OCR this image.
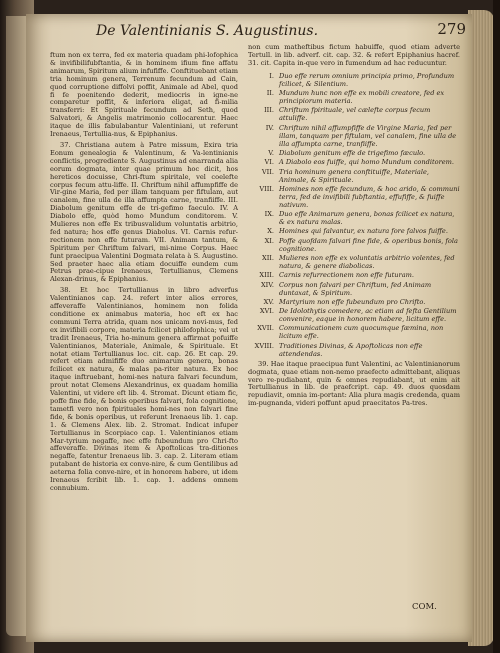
De Valentinianis S. Augustinus.	279

ftum non ex terra, fed ex materia quadam phi-lofophica & invifibilifubftantia, & in hominem ifium fine affatu animarum, Spiritum alium infufiffe. Conftituebant etiam tria hominum genera, Terrenum fecundum ad Cain, quod corruptione diffolvi poffit, Animale ad Abel, quod fi fe poenitendo dederit, mediocris in igne-ne comparetur poffit, & inferiora eligat, ad fi-milia transferri: Et Spirituale fecundum ad Seth, quod Salvatori, & Angelis matrimonio collocarentur. Haec itaque de illis fabulabantur Valentiniani, ut referunt Irenaeus, Tertullia-nus, & Epiphanius.

37. Christiana autem à Patre missum, Exira tria Eonum genealogia & Valentinum, & Va-lentinianis conflictis, progrediente S. Augustinus ad enarranda alia eorum dogmata, inter quae primum hoc dicit, hos hereticos docuisse, Chri-ftum spiritale, vel coelefte corpus fecum attu-liffe. II. Chriftum nihil affumpfiffe de Vir-gine Maria, fed per illam tanquam per fiftulam, aut canalem, fine ulla de illa affumpta carne, tranfiiffe. III. Diabolum genitum effe de tri-gefimo faeculo. IV. A Diabolo effe, quòd homo Mundum conditorem. V. Mulieres non effe Ex tribusvalidum voluntatis arbitrio, fed natura; hos effe genus Diabolus. VI. Carnis refur-rectionem non effe futuram. VII. Animam tantum, & Spiritum per Chriftum falvari, mi-nime Corpus. Haec funt praecipua Valentini Dogmata relata à S. Augustino. Sed praeter haec alia etiam docuiffe eundem cum Petrus prae-cipue Irenaeus, Tertullianus, Clemens Alexan-drinus, & Epiphanius.

38. Et hoc Tertullianus in libro adverfus Valentinianos cap. 24. refert inter alios errores, affeveraffe Valentinianos, hominem non folida conditione ex animabus materia, hoc eft ex hac communi Terra atrida, quam nos unicam novi-mus, fed ex invifibili corpore, materia fcilicet philofophica; vel ut tradit Irenaeus, Tria ho-minum genera affirmat pofuiffe Valentinianos, Materiale, Animale, & Spirituale. Et notat etiam Tertullianus loc. cit. cap. 26. Et cap. 29. refert etiam admififfe duo animarum genera, bonas fcilicet ex natura, & malas pa-riter natura. Ex hoc itaque inftruebant, homi-nes natura falvari fecundum, prout notat Clemens Alexandrinus, ex quadam homilia Valentini, ut videre eft lib. 4. Stromat. Dicunt etiam fic, poffe fine fide, & bonis operibus falvari, fola cognitione, tametfi vero non fpirituales homi-nes non falvari fine fide, & bonis operibus, ut referunt Irenaeus lib. 1. cap. 1. & Clemens Alex. lib. 2. Stromat. Indicat infuper Tertullianus in Scorpiaco cap. 1. Valentinianos etiam Mar-tyrium negaffe, nec effe fubeundum pro Chri-fto affeveraffe. Divinas item & Apoftolicas tra-ditiones negaffe, fatentur Irenaeus lib. 3. cap. 2. Literam etiam putabant de historia ex conve-nire, & cum Gentilibus ad aeterna folia conve-nire, et in honorem habere, ut idem Irenaeus fcribit lib. 1. cap. 1. addens omnem connubium.

non cum matheftibus fictum habuiffe, quod etiam adverte Tertull. in lib. adverf. cit. cap. 32. & refert Epiphanius hacref. 31. cit. Capita in-que vero in fumendum ad hac reducuntur.

I. Duo effe rerum omnium principia primo, Profundum fcilicet, & Silentium.
II. Mundum hunc non effe ex mobili creatore, fed ex principiorum materia.
III. Chriftum fpirituale, vel cælefte corpus fecum attuliffe.
IV. Chriftum nihil affumpfiffe de Virgine Maria, fed per illam, tanquam per fiftulam, vel canalem, fine ulla de illa affumpta carne, tranfiiffe.
V. Diabolum genitum effe de trigefimo fæculo.
VI. A Diabolo eos fuiffe, qui homo Mundum conditorem.
VII. Tria hominum genera conftituiffe, Materiale, Animale, & Spirituale.
VIII. Homines non effe fecundum, & hoc arido, & communi terra, fed de invifibili fubftantia, effufiffe, & fuiffe nativum.
IX. Duo effe Animarum genera, bonas fcilicet ex natura, & ex natura malas.
X. Homines qui falvantur, ex natura fore falvos fuiffe.
XI. Poffe quofdam falvari fine fide, & operibus bonis, fola cognitione.
XII. Mulieres non effe ex voluntatis arbitrio volentes, fed natura, & genere diabolicas.
XIII. Carnis refurrectionem non effe futuram.
XIV. Corpus non falvari per Chriftum, fed Animam duntaxat, & Spiritum.
XV. Martyrium non effe fubeundum pro Chrifto.
XVI. De Idolothytis comedere, ac etiam ad fefta Gentilium convenire, eaque in honorem habere, licitum effe.
XVII. Communicationem cum quocumque fæmina, non licitum effe.
XVIII. Traditiones Divinas, & Apoftolicas non effe attendendas.

39. Hae itaque praecipua funt Valentini, ac Valentinianorum dogmata, quae etiam non-nemo praefecto admittebant, aliquas vero re-pudiabant, quin & omnes repudiabant, ut enim ait Tertullianus in lib. de praefcript. cap. 49. duos quosdam repudiavit, omnia im-portant: Alia plura magis credenda, quam im-pugnanda, videri poffunt apud praecitatos Pa-tres.

COM.
